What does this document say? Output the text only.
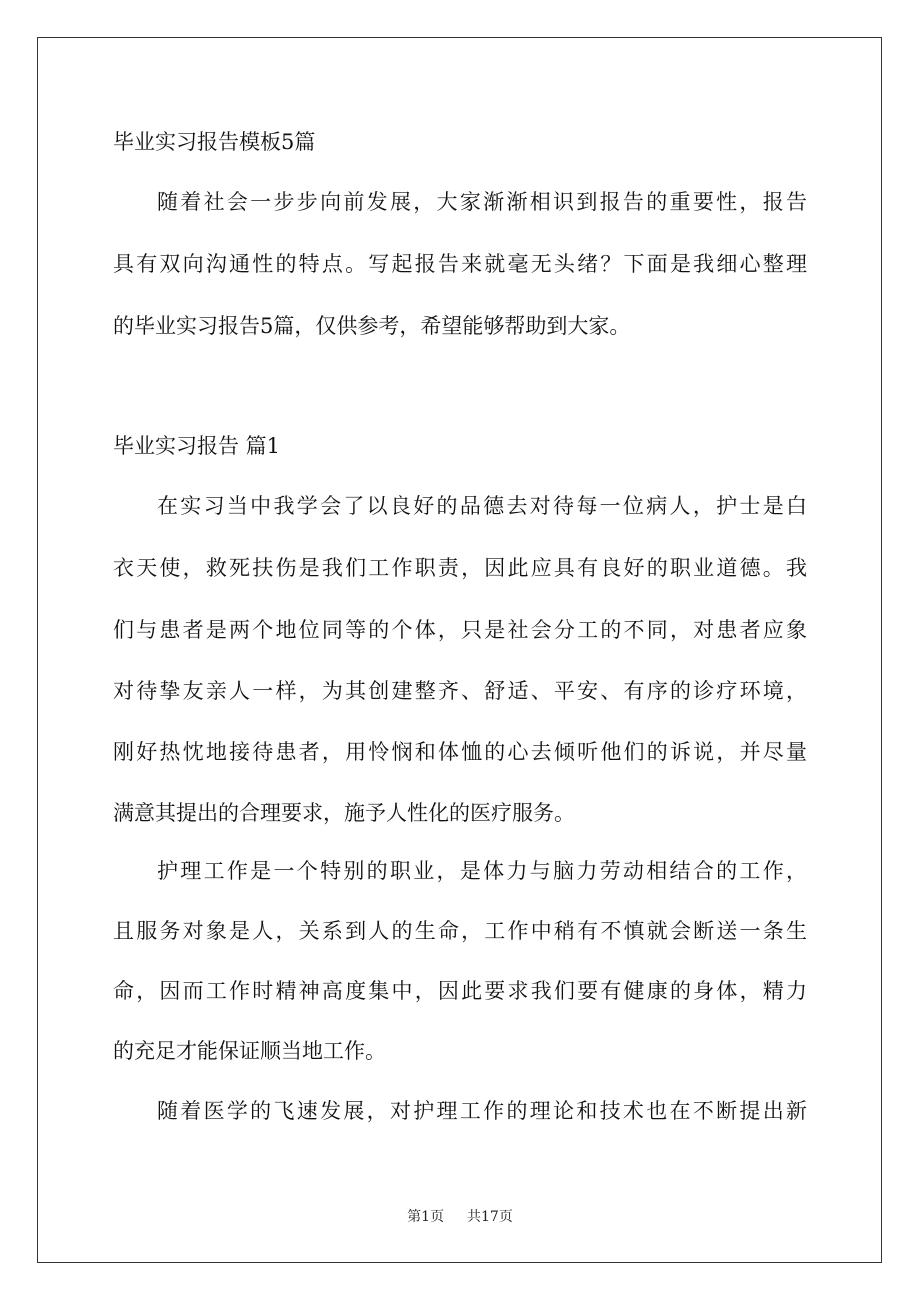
毕业实习报告模板5篇

随着社会一步步向前发展，大家渐渐相识到报告的重要性，报告

具有双向沟通性的特点。写起报告来就毫无头绪？下面是我细心整理

的毕业实习报告5篇，仅供参考，希望能够帮助到大家。

毕业实习报告 篇1

在实习当中我学会了以良好的品德去对待每一位病人，护士是白

衣天使，救死扶伤是我们工作职责，因此应具有良好的职业道德。我

们与患者是两个地位同等的个体，只是社会分工的不同，对患者应象

对待挚友亲人一样，为其创建整齐、舒适、平安、有序的诊疗环境，

刚好热忱地接待患者，用怜悯和体恤的心去倾听他们的诉说，并尽量

满意其提出的合理要求，施予人性化的医疗服务。

护理工作是一个特别的职业，是体力与脑力劳动相结合的工作，

且服务对象是人，关系到人的生命，工作中稍有不慎就会断送一条生

命，因而工作时精神高度集中，因此要求我们要有健康的身体，精力

的充足才能保证顺当地工作。

随着医学的飞速发展，对护理工作的理论和技术也在不断提出新

第1页 共17页
